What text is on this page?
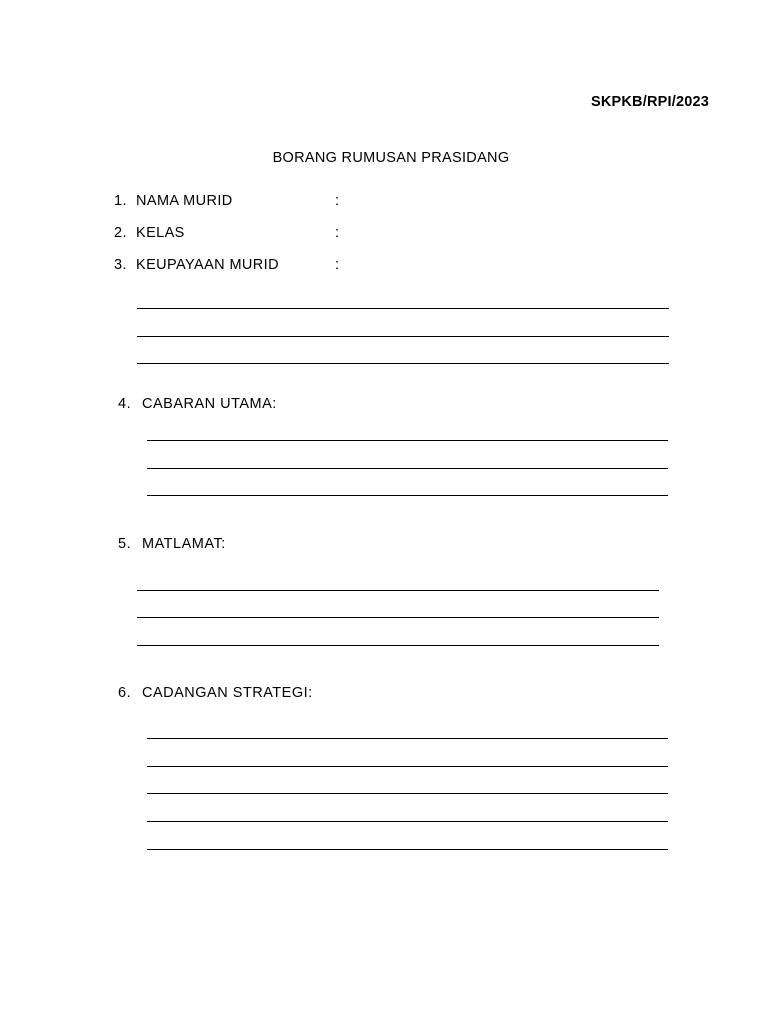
SKPKB/RPI/2023
BORANG RUMUSAN PRASIDANG
1. NAMA MURID	:
2. KELAS	:
3. KEUPAYAAN MURID	:
4. CABARAN UTAMA:
5. MATLAMAT:
6. CADANGAN STRATEGI:
